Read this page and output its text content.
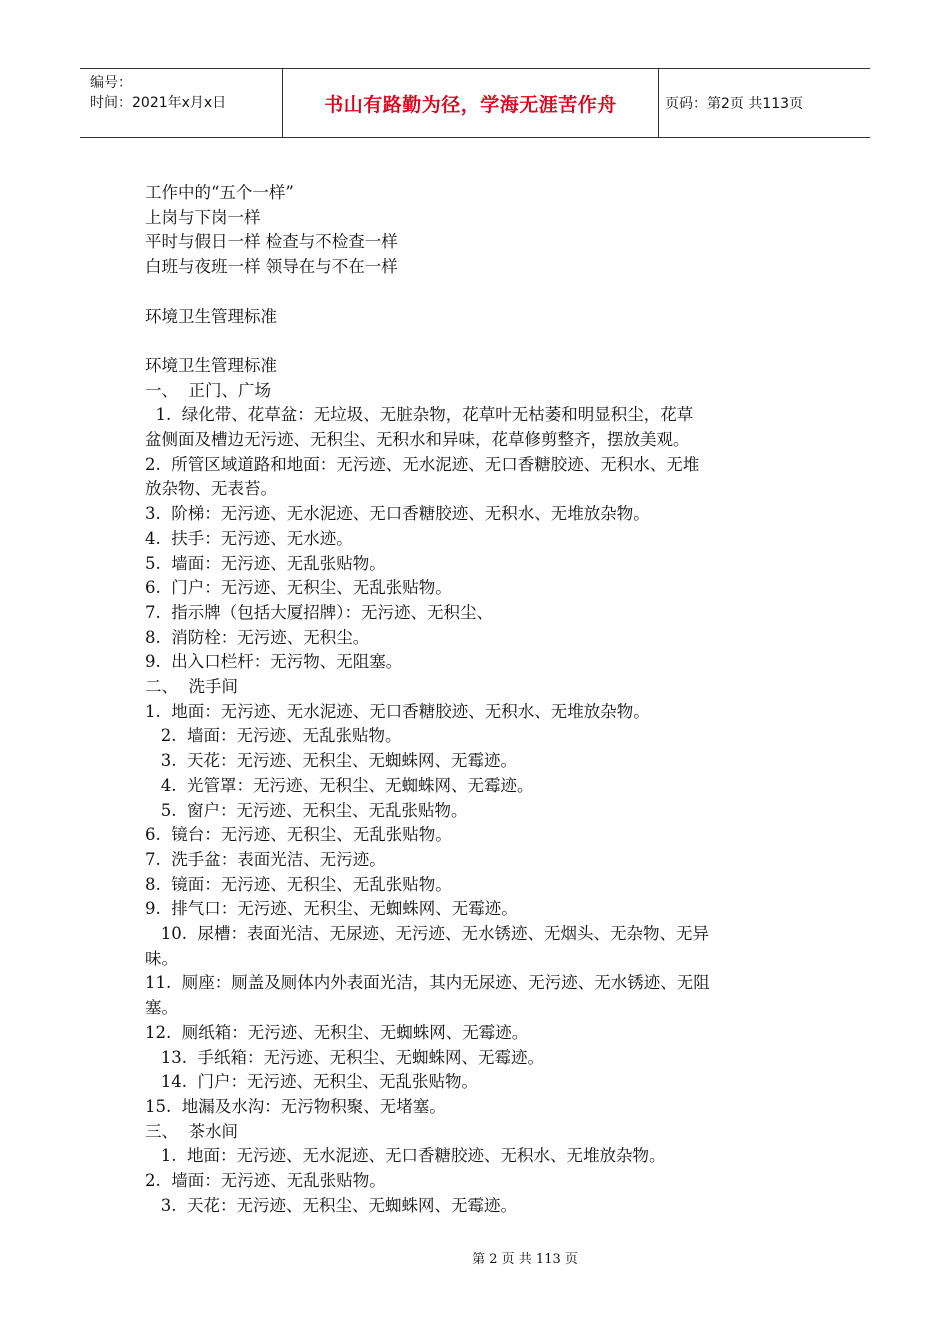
编号：
时间：2021年x月x日	书山有路勤为径，学海无涯苦作舟	页码：第2页 共113页
工作中的“五个一样”
上岗与下岗一样
平时与假日一样 检查与不检查一样
白班与夜班一样 领导在与不在一样
环境卫生管理标准
环境卫生管理标准
一、  正门、广场
1.  绿化带、花草盆：无垃圾、无脏杂物，花草叶无枯萎和明显积尘，花草
盆侧面及槽边无污迹、无积尘、无积水和异味，花草修剪整齐，摆放美观。
2.  所管区域道路和地面：无污迹、无水泥迹、无口香糖胶迹、无积水、无堆
放杂物、无表苔。
3.  阶梯：无污迹、无水泥迹、无口香糖胶迹、无积水、无堆放杂物。
4.  扶手：无污迹、无水迹。
5.  墙面：无污迹、无乱张贴物。
6.  门户：无污迹、无积尘、无乱张贴物。
7.  指示牌（包括大厦招牌）：无污迹、无积尘、
8.  消防栓：无污迹、无积尘。
9.  出入口栏杆：无污物、无阻塞。
二、  洗手间
1.  地面：无污迹、无水泥迹、无口香糖胶迹、无积水、无堆放杂物。
2.  墙面：无污迹、无乱张贴物。
3.  天花：无污迹、无积尘、无蜘蛛网、无霉迹。
4.  光管罩：无污迹、无积尘、无蜘蛛网、无霉迹。
5.  窗户：无污迹、无积尘、无乱张贴物。
6.  镜台：无污迹、无积尘、无乱张贴物。
7.  洗手盆：表面光洁、无污迹。
8.  镜面：无污迹、无积尘、无乱张贴物。
9.  排气口：无污迹、无积尘、无蜘蛛网、无霉迹。
10.  尿槽：表面光洁、无尿迹、无污迹、无水锈迹、无烟头、无杂物、无异
味。
11.  厕座：厕盖及厕体内外表面光洁，其内无尿迹、无污迹、无水锈迹、无阻
塞。
12.  厕纸箱：无污迹、无积尘、无蜘蛛网、无霉迹。
13.  手纸箱：无污迹、无积尘、无蜘蛛网、无霉迹。
14.  门户：无污迹、无积尘、无乱张贴物。
15.  地漏及水沟：无污物积聚、无堵塞。
三、  茶水间
1.  地面：无污迹、无水泥迹、无口香糖胶迹、无积水、无堆放杂物。
2.  墙面：无污迹、无乱张贴物。
3.  天花：无污迹、无积尘、无蜘蛛网、无霉迹。
第 2 页 共 113 页
